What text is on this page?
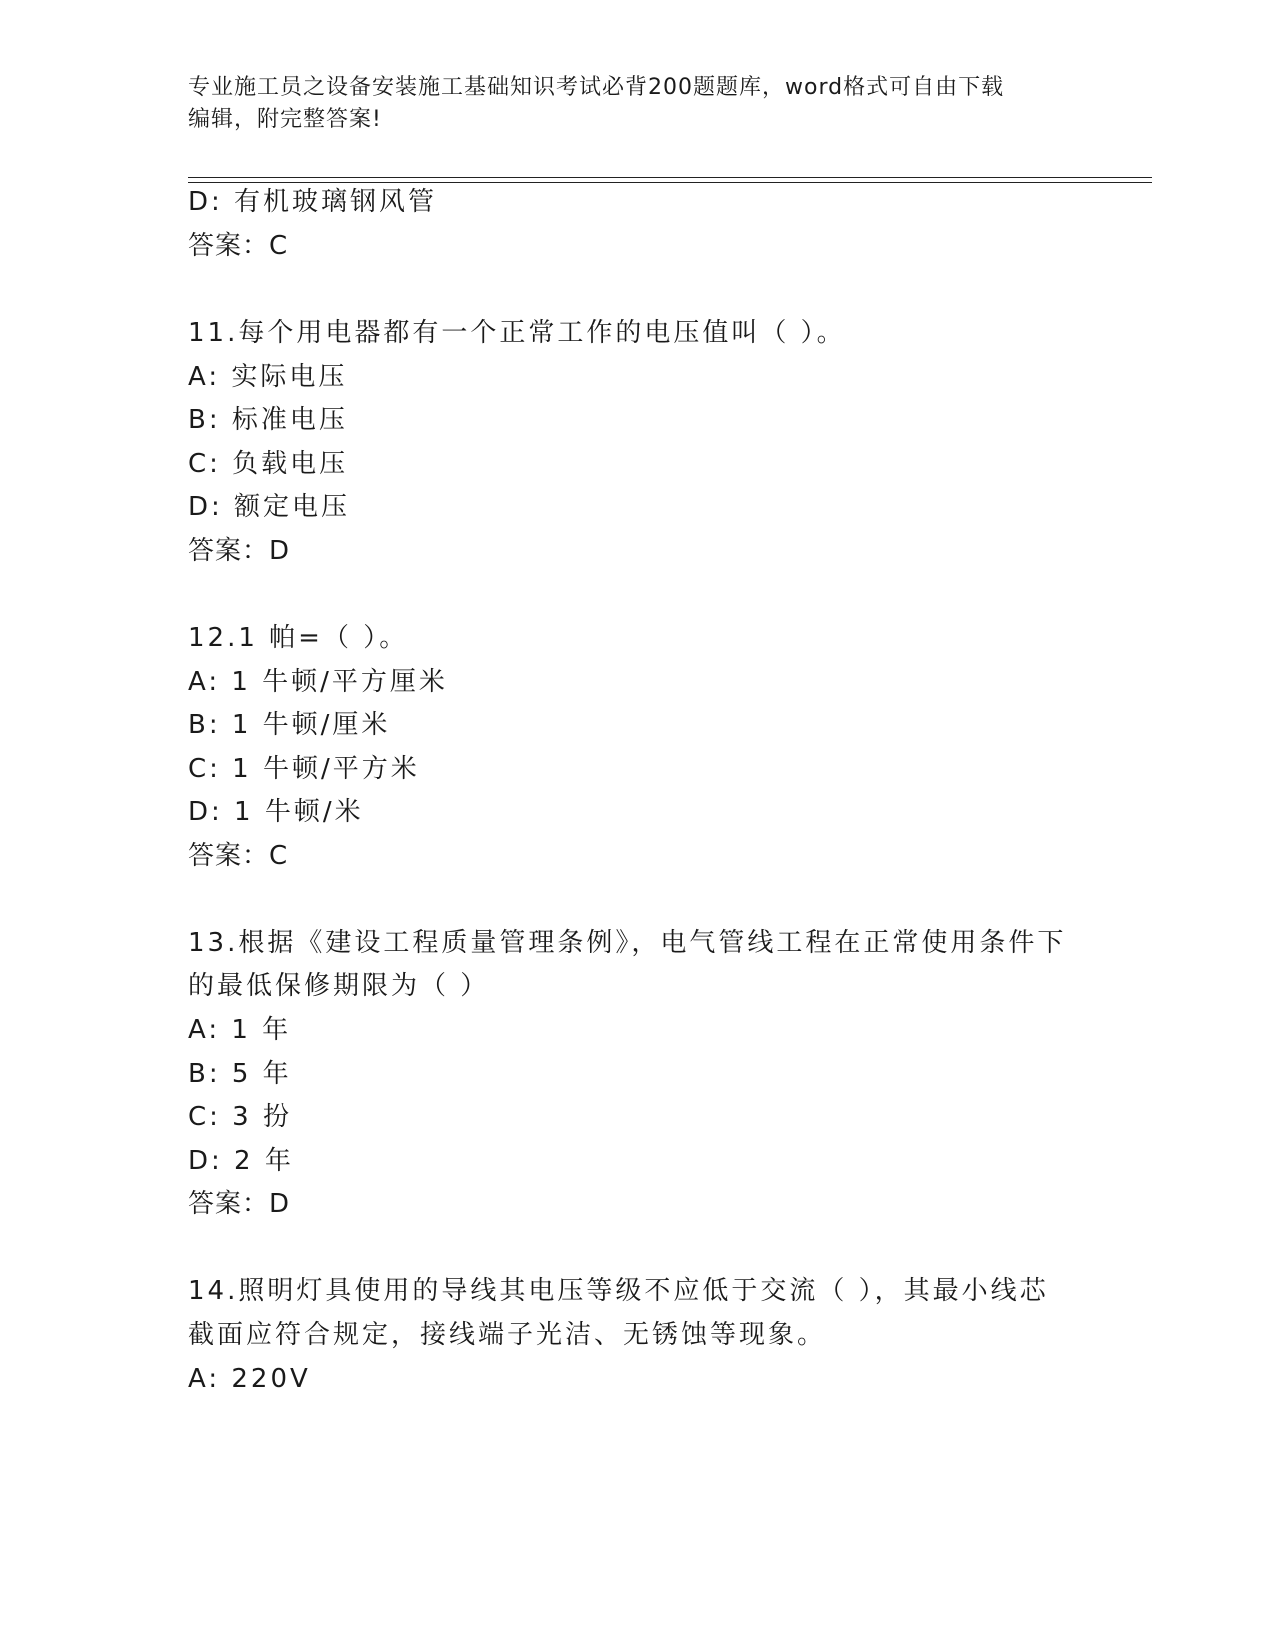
专业施工员之设备安装施工基础知识考试必背200题题库，word格式可自由下载
编辑，附完整答案!
D: 有机玻璃钢风管
答案：C
11.每个用电器都有一个正常工作的电压值叫（ ）。
A: 实际电压
B: 标准电压
C: 负载电压
D: 额定电压
答案：D
12.1 帕=（ ）。
A: 1 牛顿/平方厘米
B: 1 牛顿/厘米
C: 1 牛顿/平方米
D: 1 牛顿/米
答案：C
13.根据《建设工程质量管理条例》，电气管线工程在正常使用条件下
的最低保修期限为（ ）
A: 1 年
B: 5 年
C: 3 扮
D: 2 年
答案：D
14.照明灯具使用的导线其电压等级不应低于交流（ ），其最小线芯
截面应符合规定，接线端子光洁、无锈蚀等现象。
A: 220V
